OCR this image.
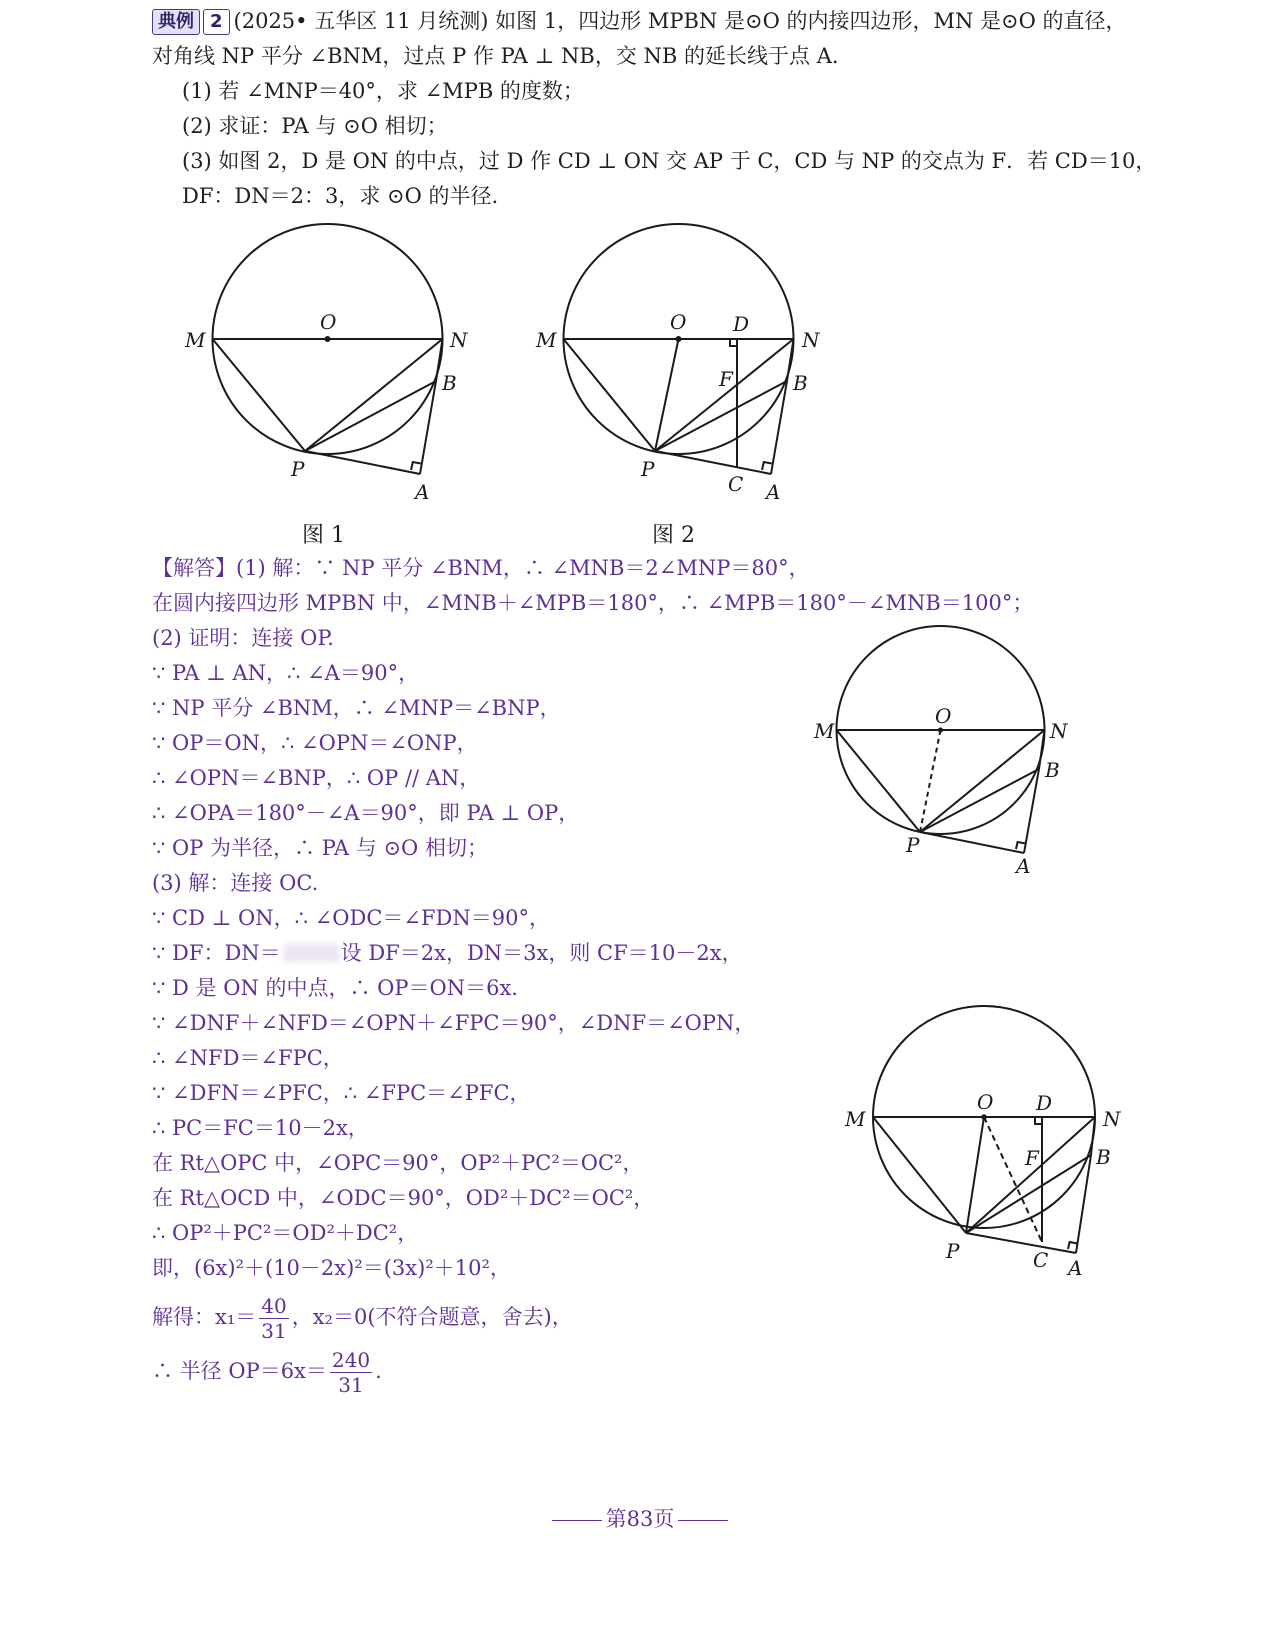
典例 2 (2025• 五华区 11 月统测) 如图 1，四边形 MPBN 是⊙O 的内接四边形，MN 是⊙O 的直径，
对角线 NP 平分 ∠BNM，过点 P 作 PA ⊥ NB，交 NB 的延长线于点 A.
(1) 若 ∠MNP＝40°，求 ∠MPB 的度数；
(2) 求证：PA 与 ⊙O 相切；
(3) 如图 2，D 是 ON 的中点，过 D 作 CD ⊥ ON 交 AP 于 C，CD 与 NP 的交点为 F．若 CD＝10，
DF：DN＝2：3，求 ⊙O 的半径.
O
M	N
B
P
A
图 1
O D
M	N
F	B
P
C A
图 2
【解答】(1) 解：∵ NP 平分 ∠BNM，∴ ∠MNB＝2∠MNP＝80°，
在圆内接四边形 MPBN 中，∠MNB＋∠MPB＝180°，∴ ∠MPB＝180°－∠MNB＝100°；
(2) 证明：连接 OP.
∵ PA ⊥ AN，∴ ∠A＝90°，
∵ NP 平分 ∠BNM，∴ ∠MNP＝∠BNP，
∵ OP＝ON，∴ ∠OPN＝∠ONP，
∴ ∠OPN＝∠BNP，∴ OP // AN，
∴ ∠OPA＝180°－∠A＝90°，即 PA ⊥ OP，
∵ OP 为半径，∴ PA 与 ⊙O 相切；
(3) 解：连接 OC.
∵ CD ⊥ ON，∴ ∠ODC＝∠FDN＝90°，
∵ DF：DN＝	设 DF＝2x，DN＝3x，则 CF＝10－2x，
∵ D 是 ON 的中点，∴ OP＝ON＝6x.
∵ ∠DNF＋∠NFD＝∠OPN＋∠FPC＝90°，∠DNF＝∠OPN，
∴ ∠NFD＝∠FPC，
∵ ∠DFN＝∠PFC，∴ ∠FPC＝∠PFC，
∴ PC＝FC＝10－2x，
在 Rt△OPC 中，∠OPC＝90°，OP²＋PC²＝OC²，
在 Rt△OCD 中，∠ODC＝90°，OD²＋DC²＝OC²，
∴ OP²＋PC²＝OD²＋DC²，
即，(6x)²＋(10－2x)²＝(3x)²＋10²，
解得：$x_1= \frac{40}{31}$ ，x₂＝0(不符合题意，舍去)，
∴ 半径 $OP=6x= \frac{240}{31}$ .
O
M	N
B
P
A
O D
M	N
F	B
P	C A
第83页
